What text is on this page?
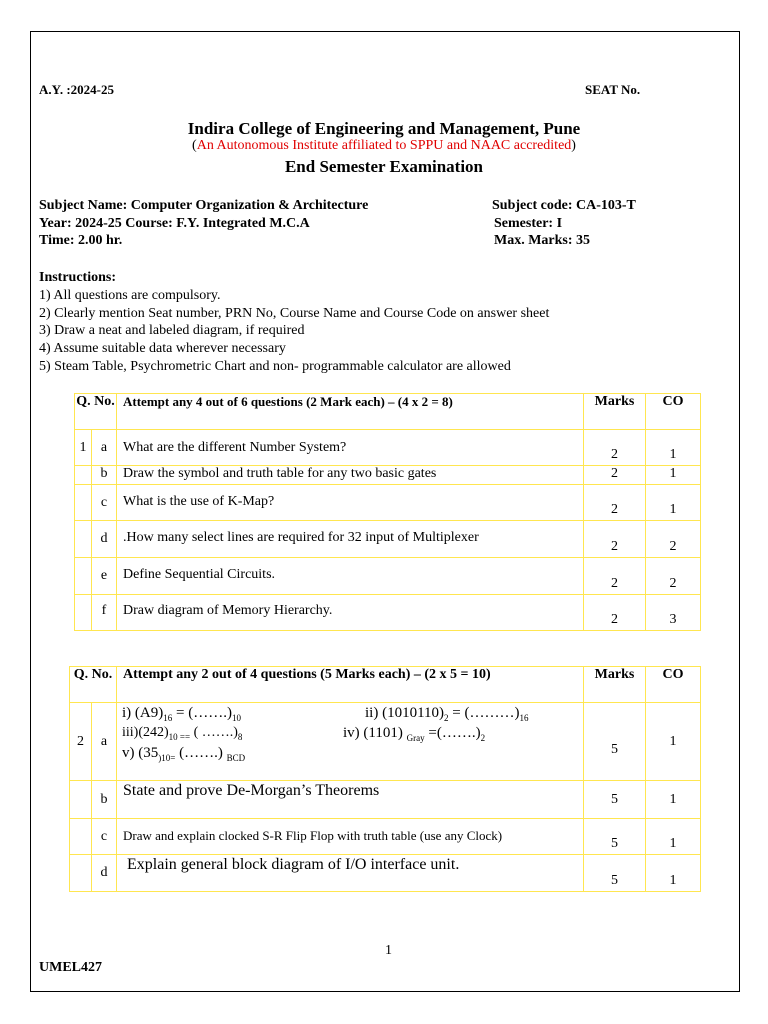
A.Y. :2024-25	SEAT No.
Indira College of Engineering and Management, Pune
(An Autonomous Institute affiliated to SPPU and NAAC accredited)
End Semester Examination
Subject Name: Computer Organization & Architecture	Subject code: CA-103-T
Year: 2024-25 Course: F.Y. Integrated M.C.A	Semester: I
Time: 2.00 hr.	Max. Marks: 35
Instructions:
1) All questions are compulsory.
2) Clearly mention Seat number, PRN No, Course Name and Course Code on answer sheet
3) Draw a neat and labeled diagram, if required
4) Assume suitable data wherever necessary
5) Steam Table, Psychrometric Chart and non- programmable calculator are allowed
Q. No.		Attempt any 4 out of 6 questions (2 Mark each) – (4 x 2 = 8)	Marks	CO
1	a	What are the different Number System?	2	1
	b	Draw the symbol and truth table for any two basic gates	2	1
	c	What is the use of K-Map?	2	1
	d	.How many select lines are required for 32 input of Multiplexer	2	2
	e	Define Sequential Circuits.	2	2
	f	Draw diagram of Memory Hierarchy.	2	3
Q. No.		Attempt any 2 out of 4 questions (5 Marks each) – (2 x 5 = 10)	Marks	CO
2	a	i) $(A9)_{16}$ = $(\dots\dots.)_{10}$ ii) $(1010110)_2$ = $(\dots\dots\dots)_{16}$
$iii)(242)_{10 ==}$ ( $\dots\dots.)_8$ iv) (1101) $_{Gray} =(\dots\dots.)_2$
v) ($35_{)10=}$ (…….) $_{BCD}$	5	1
	b	State and prove De-Morgan’s Theorems	5	1
	c	Draw and explain clocked S-R Flip Flop with truth table (use any Clock)	5	1
	d	Explain general block diagram of I/O interface unit.	5	1
1
UMEL427
